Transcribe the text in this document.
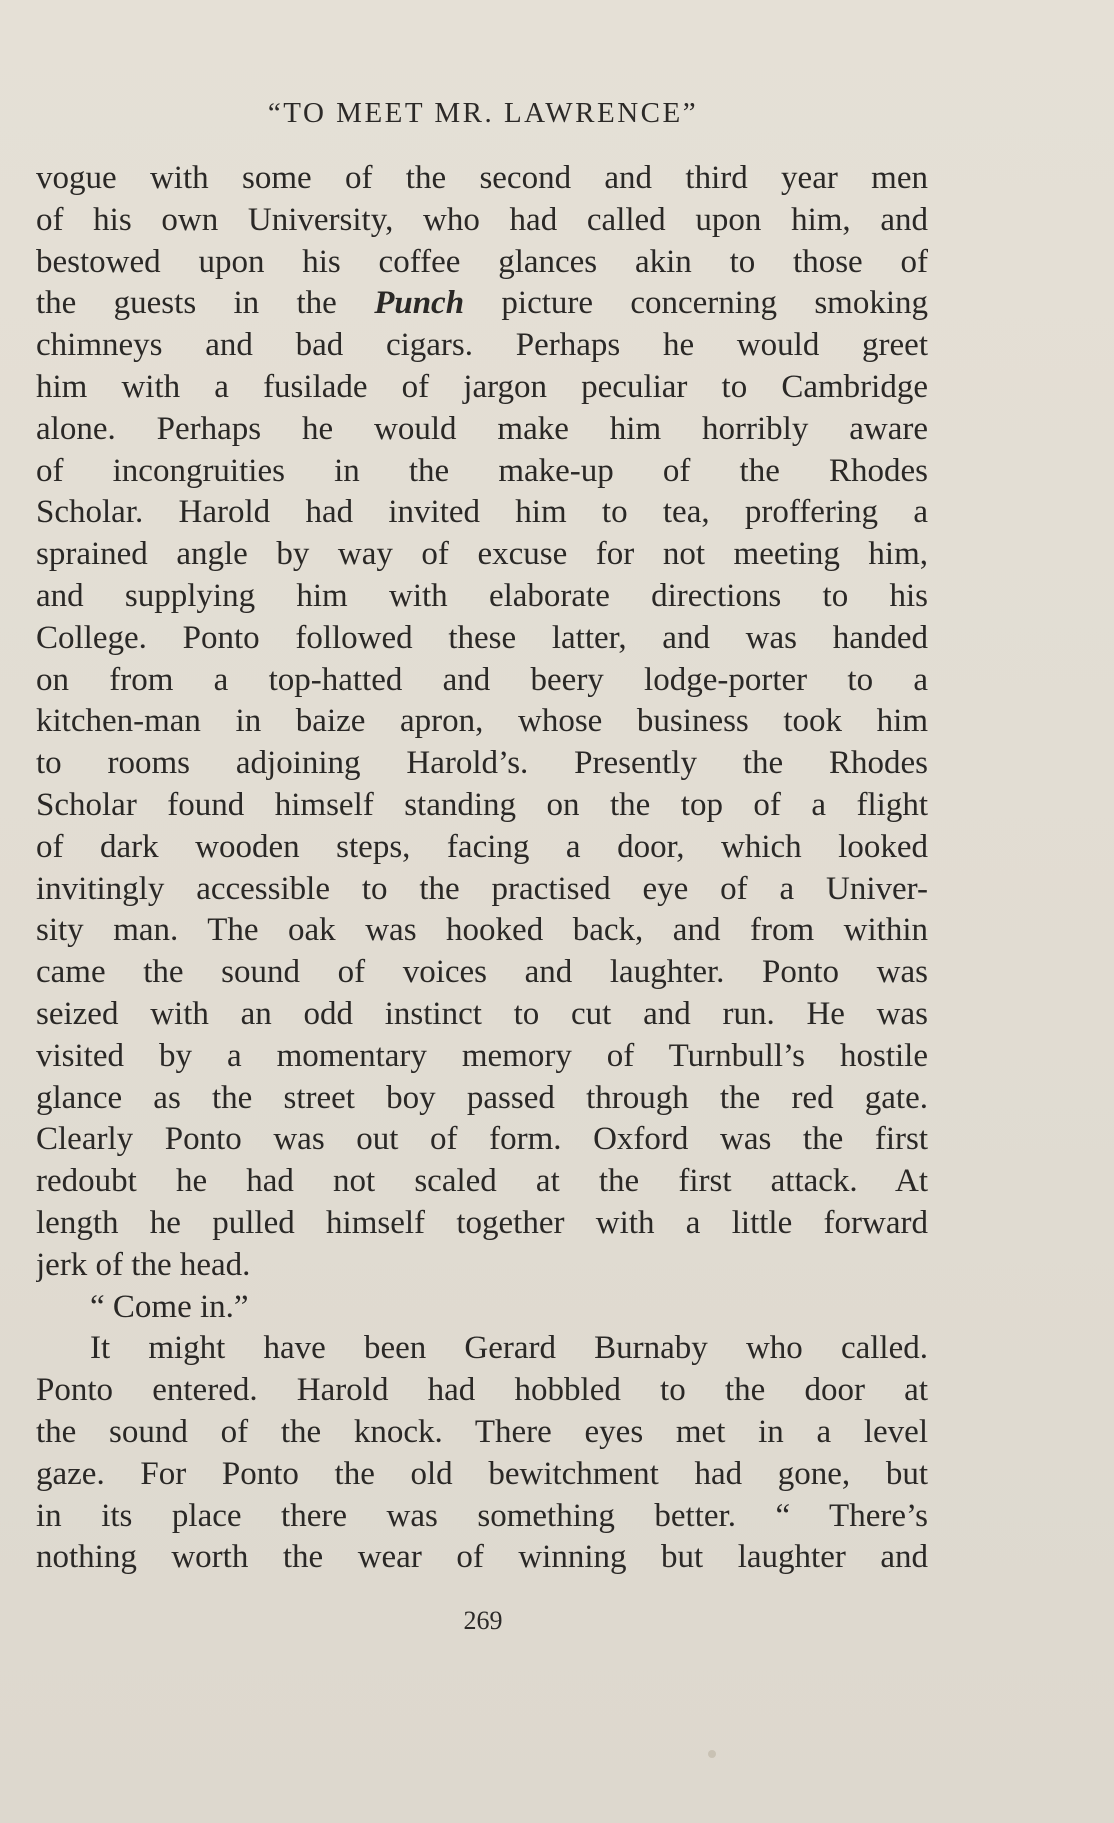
“TO MEET MR. LAWRENCE”
vogue with some of the second and third year men
of his own University, who had called upon him, and
bestowed upon his coffee glances akin to those of
the guests in the Punch picture concerning smoking
chimneys and bad cigars. Perhaps he would greet
him with a fusilade of jargon peculiar to Cambridge
alone. Perhaps he would make him horribly aware
of incongruities in the make-up of the Rhodes
Scholar. Harold had invited him to tea, proffering a
sprained angle by way of excuse for not meeting him,
and supplying him with elaborate directions to his
College. Ponto followed these latter, and was handed
on from a top-hatted and beery lodge-porter to a
kitchen-man in baize apron, whose business took him
to rooms adjoining Harold’s. Presently the Rhodes
Scholar found himself standing on the top of a flight
of dark wooden steps, facing a door, which looked
invitingly accessible to the practised eye of a Univer-
sity man. The oak was hooked back, and from within
came the sound of voices and laughter. Ponto was
seized with an odd instinct to cut and run. He was
visited by a momentary memory of Turnbull’s hostile
glance as the street boy passed through the red gate.
Clearly Ponto was out of form. Oxford was the first
redoubt he had not scaled at the first attack. At
length he pulled himself together with a little forward
jerk of the head.
“ Come in.”
It might have been Gerard Burnaby who called.
Ponto entered. Harold had hobbled to the door at
the sound of the knock. There eyes met in a level
gaze. For Ponto the old bewitchment had gone, but
in its place there was something better. “ There’s
nothing worth the wear of winning but laughter and
269
